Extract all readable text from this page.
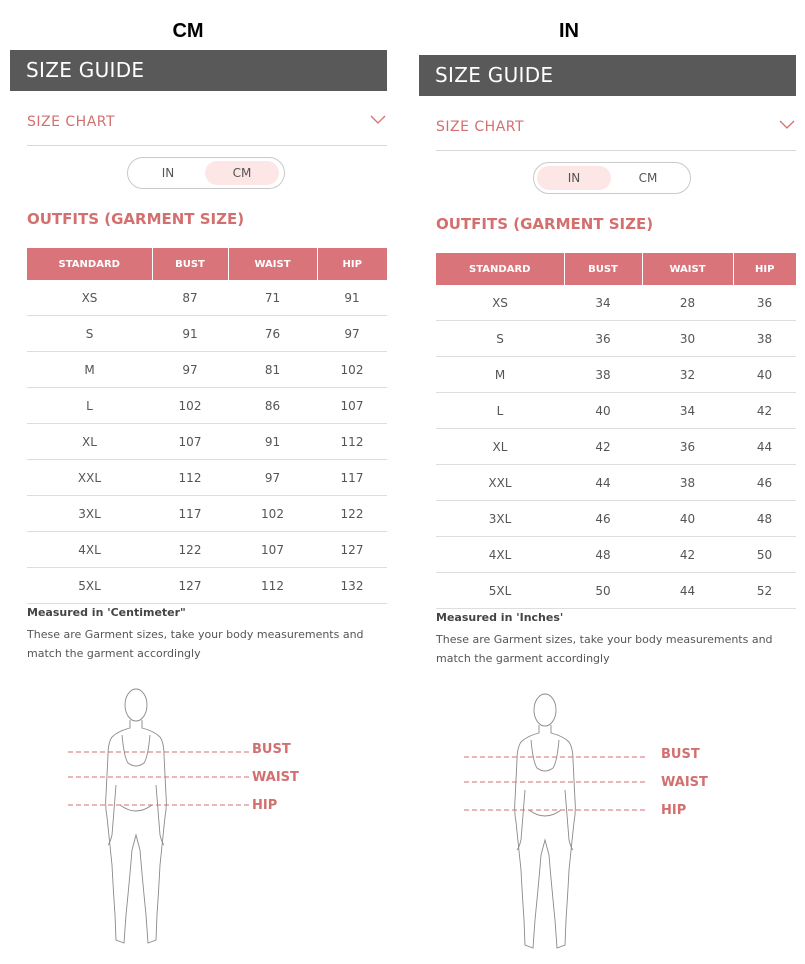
CM
SIZE GUIDE
SIZE CHART
IN	CM
OUTFITS (GARMENT SIZE)
STANDARD	BUST	WAIST	HIP
XS	87	71	91
S	91	76	97
M	97	81	102
L	102	86	107
XL	107	91	112
XXL	112	97	117
3XL	117	102	122
4XL	122	107	127
5XL	127	112	132
Measured in 'Centimeter"
These are Garment sizes, take your body measurements and match the garment accordingly
BUST
WAIST
HIP
IN
SIZE GUIDE
SIZE CHART
IN	CM
OUTFITS (GARMENT SIZE)
STANDARD	BUST	WAIST	HIP
XS	34	28	36
S	36	30	38
M	38	32	40
L	40	34	42
XL	42	36	44
XXL	44	38	46
3XL	46	40	48
4XL	48	42	50
5XL	50	44	52
Measured in 'Inches'
These are Garment sizes, take your body measurements and match the garment accordingly
BUST
WAIST
HIP
